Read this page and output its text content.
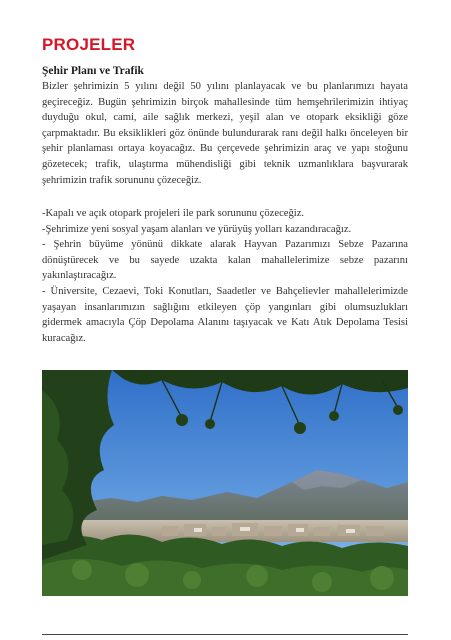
PROJELER
Şehir Planı ve Trafik

Bizler şehrimizin 5 yılını değil 50 yılını planlayacak ve bu planlarımızı hayata geçireceğiz. Bugün şehrimizin birçok mahallesinde tüm hemşehrilerimizin ihtiyaç duyduğu okul, cami, aile sağlık merkezi, yeşil alan ve otopark eksikliği göze çarpmaktadır. Bu eksiklikleri göz önünde bulundurarak ranı değil halkı önceleyen bir şehir planlaması ortaya koyacağız. Bu çerçevede şehrimizin araç ve yapı stoğunu gözetecek; trafik, ulaştırma mühendisliği gibi teknik uzmanlıklara başvurarak şehrimizin trafik sorununu çözeceğiz.

-Kapalı ve açık otopark projeleri ile park sorununu çözeceğiz.
-Şehrimize yeni sosyal yaşam alanları ve yürüyüş yolları kazandıracağız.
- Şehrin büyüme yönünü dikkate alarak Hayvan Pazarımızı Sebze Pazarına dönüştürecek ve bu sayede uzakta kalan mahallelerimize sebze pazarını yakınlaştıracağız.
- Üniversite, Cezaevi, Toki Konutları, Saadetler ve Bahçelievler mahallelerimizde yaşayan insanlarımızın sağlığını etkileyen çöp yangınları gibi olumsuzlukları gidermek amacıyla Çöp Depolama Alanını taşıyacak ve Katı Atık Depolama Tesisi kuracağız.
